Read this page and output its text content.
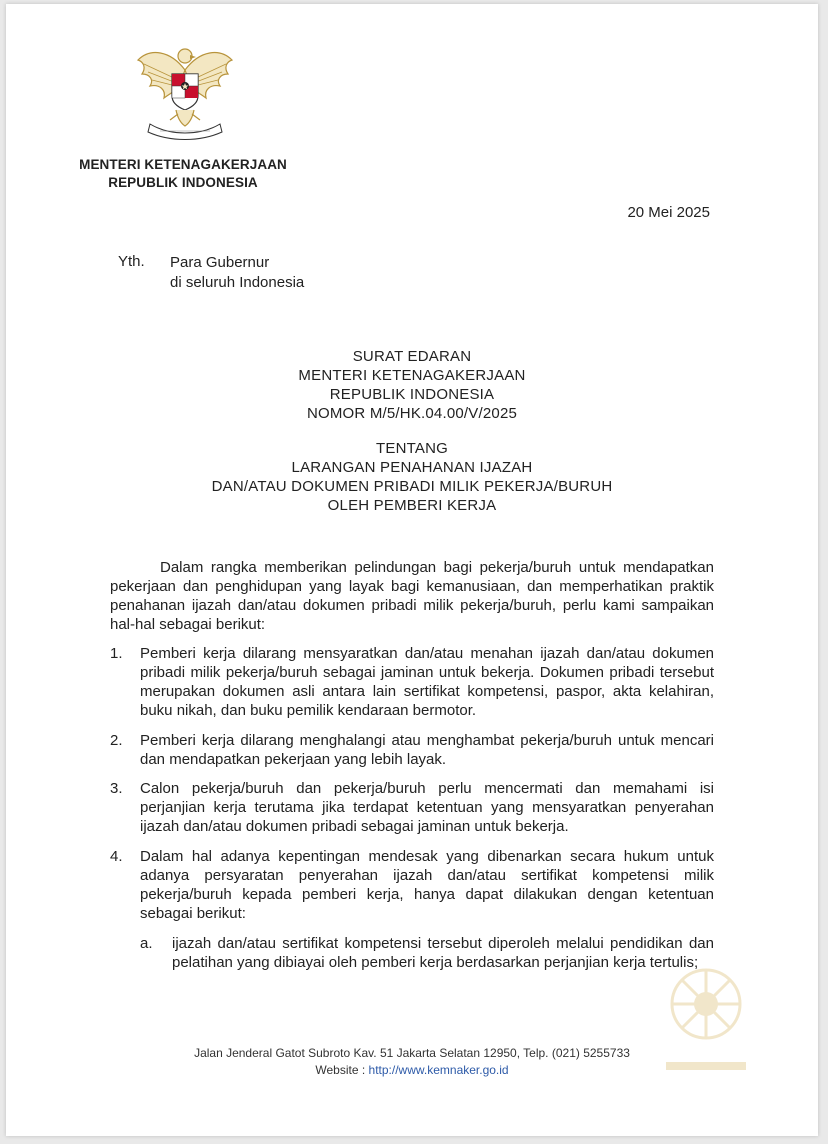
MENTERI KETENAGAKERJAAN
REPUBLIK INDONESIA
20 Mei 2025
Yth. Para Gubernur
di seluruh Indonesia
SURAT EDARAN
MENTERI KETENAGAKERJAAN
REPUBLIK INDONESIA
NOMOR M/5/HK.04.00/V/2025
TENTANG
LARANGAN PENAHANAN IJAZAH
DAN/ATAU DOKUMEN PRIBADI MILIK PEKERJA/BURUH
OLEH PEMBERI KERJA
Dalam rangka memberikan pelindungan bagi pekerja/buruh untuk mendapatkan pekerjaan dan penghidupan yang layak bagi kemanusiaan, dan memperhatikan praktik penahanan ijazah dan/atau dokumen pribadi milik pekerja/buruh, perlu kami sampaikan hal-hal sebagai berikut:
1. Pemberi kerja dilarang mensyaratkan dan/atau menahan ijazah dan/atau dokumen pribadi milik pekerja/buruh sebagai jaminan untuk bekerja. Dokumen pribadi tersebut merupakan dokumen asli antara lain sertifikat kompetensi, paspor, akta kelahiran, buku nikah, dan buku pemilik kendaraan bermotor.
2. Pemberi kerja dilarang menghalangi atau menghambat pekerja/buruh untuk mencari dan mendapatkan pekerjaan yang lebih layak.
3. Calon pekerja/buruh dan pekerja/buruh perlu mencermati dan memahami isi perjanjian kerja terutama jika terdapat ketentuan yang mensyaratkan penyerahan ijazah dan/atau dokumen pribadi sebagai jaminan untuk bekerja.
4. Dalam hal adanya kepentingan mendesak yang dibenarkan secara hukum untuk adanya persyaratan penyerahan ijazah dan/atau sertifikat kompetensi milik pekerja/buruh kepada pemberi kerja, hanya dapat dilakukan dengan ketentuan sebagai berikut:
a. ijazah dan/atau sertifikat kompetensi tersebut diperoleh melalui pendidikan dan pelatihan yang dibiayai oleh pemberi kerja berdasarkan perjanjian kerja tertulis;
Jalan Jenderal Gatot Subroto Kav. 51 Jakarta Selatan 12950, Telp. (021) 5255733
Website : http://www.kemnaker.go.id
